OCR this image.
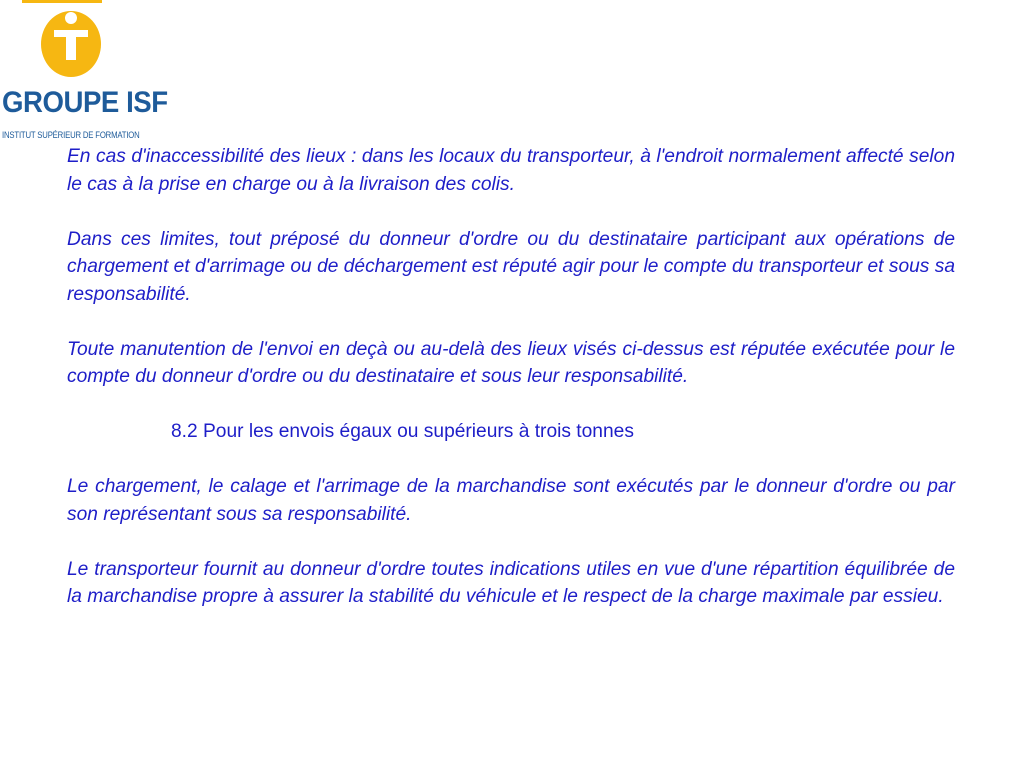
GROUPE ISF
INSTITUT SUPÉRIEUR DE FORMATION

En cas d'inaccessibilité des lieux : dans les locaux du transporteur, à l'endroit normalement affecté selon le cas à la prise en charge ou à la livraison des colis.

Dans ces limites, tout préposé du donneur d'ordre ou du destinataire participant aux opérations de chargement et d'arrimage ou de déchargement est réputé agir pour le compte du transporteur et sous sa responsabilité.

Toute manutention de l'envoi en deçà ou au-delà des lieux visés ci-dessus est réputée exécutée pour le compte du donneur d'ordre ou du destinataire et sous leur responsabilité.

8.2 Pour les envois égaux ou supérieurs à trois tonnes

Le chargement, le calage et l'arrimage de la marchandise sont exécutés par le donneur d'ordre ou par son représentant sous sa responsabilité.

Le transporteur fournit au donneur d'ordre toutes indications utiles en vue d'une répartition équilibrée de la marchandise propre à assurer la stabilité du véhicule et le respect de la charge maximale par essieu.
